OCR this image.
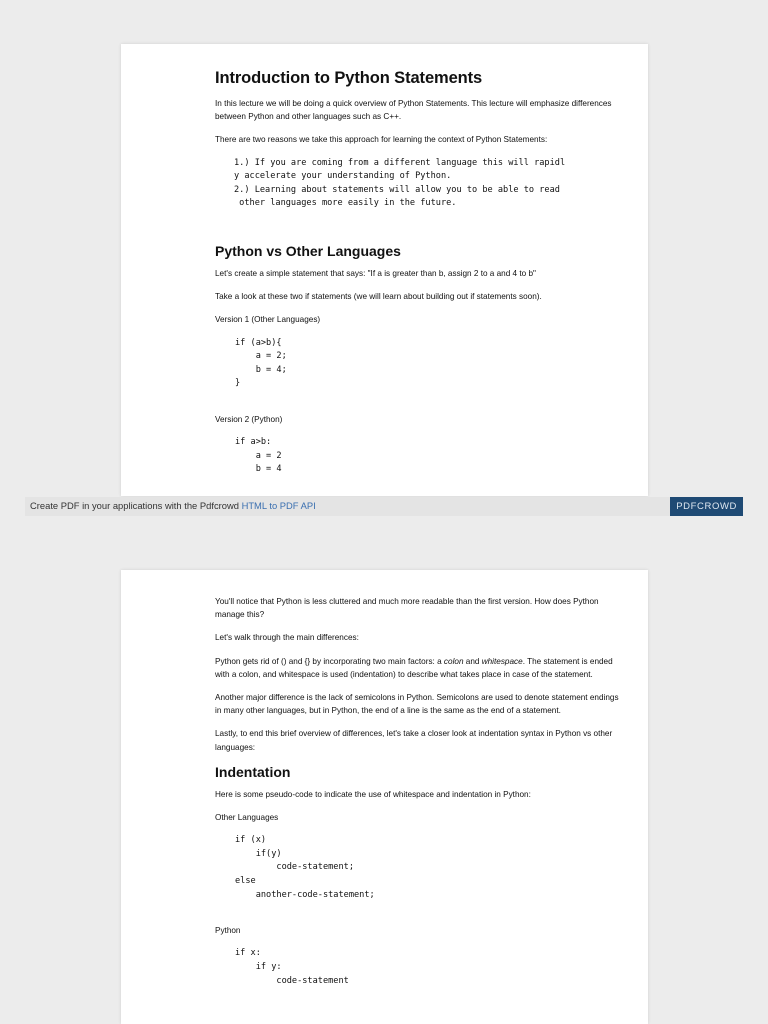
Introduction to Python Statements

In this lecture we will be doing a quick overview of Python Statements. This lecture will emphasize differences between Python and other languages such as C++.

There are two reasons we take this approach for learning the context of Python Statements:

1.) If you are coming from a different language this will rapidl
y accelerate your understanding of Python.
2.) Learning about statements will allow you to be able to read
other languages more easily in the future.
Python vs Other Languages

Let's create a simple statement that says: "If a is greater than b, assign 2 to a and 4 to b"

Take a look at these two if statements (we will learn about building out if statements soon).

Version 1 (Other Languages)

if (a>b){
a = 2;
b = 4;
}

Version 2 (Python)

if a>b:
a = 2
b = 4
Create PDF in your applications with the Pdfcrowd HTML to PDF API	PDFCROWD

You'll notice that Python is less cluttered and much more readable than the first version. How does Python manage this?

Let's walk through the main differences:

Python gets rid of () and {} by incorporating two main factors: a colon and whitespace. The statement is ended with a colon, and whitespace is used (indentation) to describe what takes place in case of the statement.

Another major difference is the lack of semicolons in Python. Semicolons are used to denote statement endings in many other languages, but in Python, the end of a line is the same as the end of a statement.

Lastly, to end this brief overview of differences, let's take a closer look at indentation syntax in Python vs other languages:

Indentation

Here is some pseudo-code to indicate the use of whitespace and indentation in Python:

Other Languages

if (x)
if(y)
code-statement;
else
another-code-statement;

Python

if x:
if y:
code-statement
